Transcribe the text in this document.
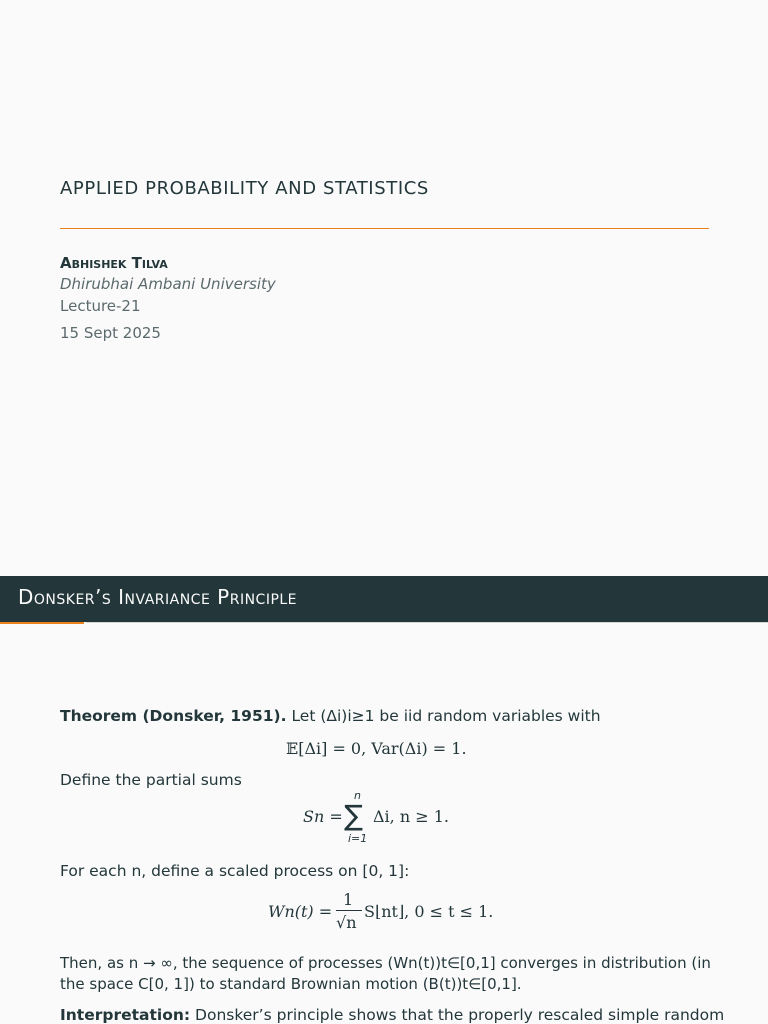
APPLIED PROBABILITY AND STATISTICS
Abhishek Tilva
Dhirubhai Ambani University
Lecture-21
15 Sept 2025
Donsker’s Invariance Principle
Theorem (Donsker, 1951). Let (Δi)i≥1 be iid random variables with
𝔼[Δi] = 0, Var(Δi) = 1.
Define the partial sums
Sn =
n
∑
i=1
Δi, n ≥ 1.
For each n, define a scaled process on [0, 1]:
Wn(t) =
1
√n
S⌊nt⌋, 0 ≤ t ≤ 1.
Then, as n → ∞, the sequence of processes (Wn(t))t∈[0,1] converges in distribution (in
the space C[0, 1]) to standard Brownian motion (B(t))t∈[0,1].
Interpretation: Donsker’s principle shows that the properly rescaled simple random
